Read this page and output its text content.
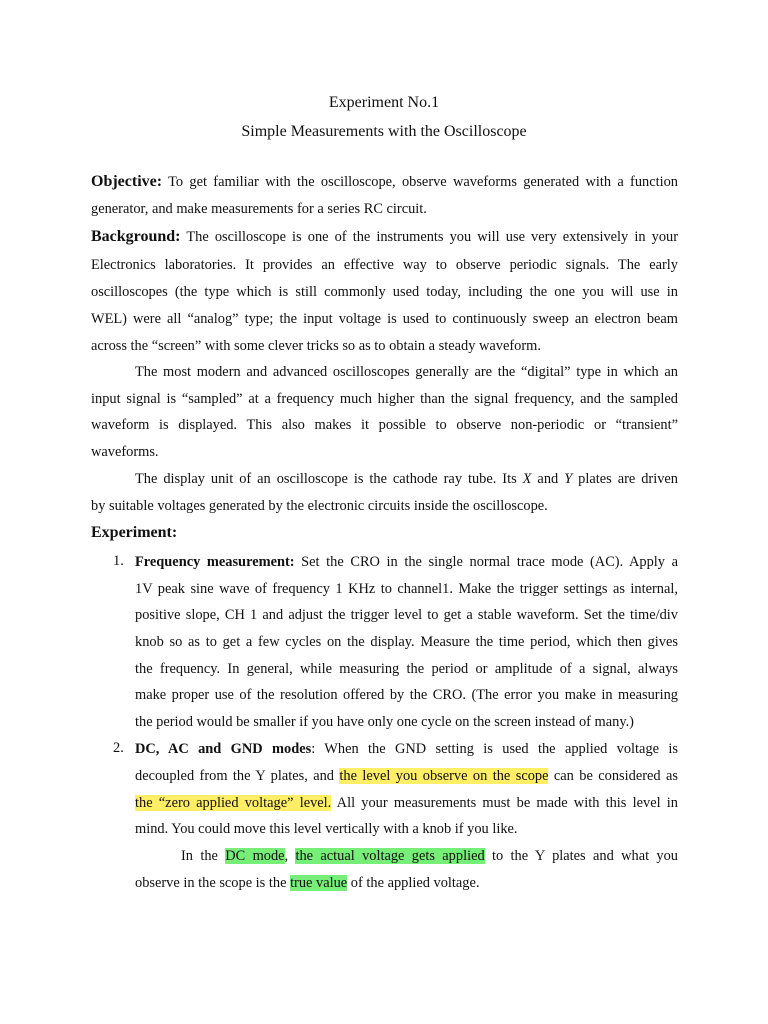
Experiment No.1
Simple Measurements with the Oscilloscope
Objective: To get familiar with the oscilloscope, observe waveforms generated with a function
generator, and make measurements for a series RC circuit.
Background: The oscilloscope is one of the instruments you will use very extensively in your
Electronics laboratories. It provides an effective way to observe periodic signals. The early
oscilloscopes (the type which is still commonly used today, including the one you will use in
WEL) were all “analog” type; the input voltage is used to continuously sweep an electron beam
across the “screen” with some clever tricks so as to obtain a steady waveform.
The most modern and advanced oscilloscopes generally are the “digital” type in which an
input signal is “sampled” at a frequency much higher than the signal frequency, and the sampled
waveform is displayed. This also makes it possible to observe non-periodic or “transient”
waveforms.
The display unit of an oscilloscope is the cathode ray tube. Its X and Y plates are driven
by suitable voltages generated by the electronic circuits inside the oscilloscope.
Experiment:
1. Frequency measurement: Set the CRO in the single normal trace mode (AC). Apply a
1V peak sine wave of frequency 1 KHz to channel1. Make the trigger settings as internal,
positive slope, CH 1 and adjust the trigger level to get a stable waveform. Set the time/div
knob so as to get a few cycles on the display. Measure the time period, which then gives
the frequency. In general, while measuring the period or amplitude of a signal, always
make proper use of the resolution offered by the CRO. (The error you make in measuring
the period would be smaller if you have only one cycle on the screen instead of many.)
2. DC, AC and GND modes: When the GND setting is used the applied voltage is
decoupled from the Y plates, and the level you observe on the scope can be considered as
the “zero applied voltage” level. All your measurements must be made with this level in
mind. You could move this level vertically with a knob if you like.
In the DC mode, the actual voltage gets applied to the Y plates and what you
observe in the scope is the true value of the applied voltage.
